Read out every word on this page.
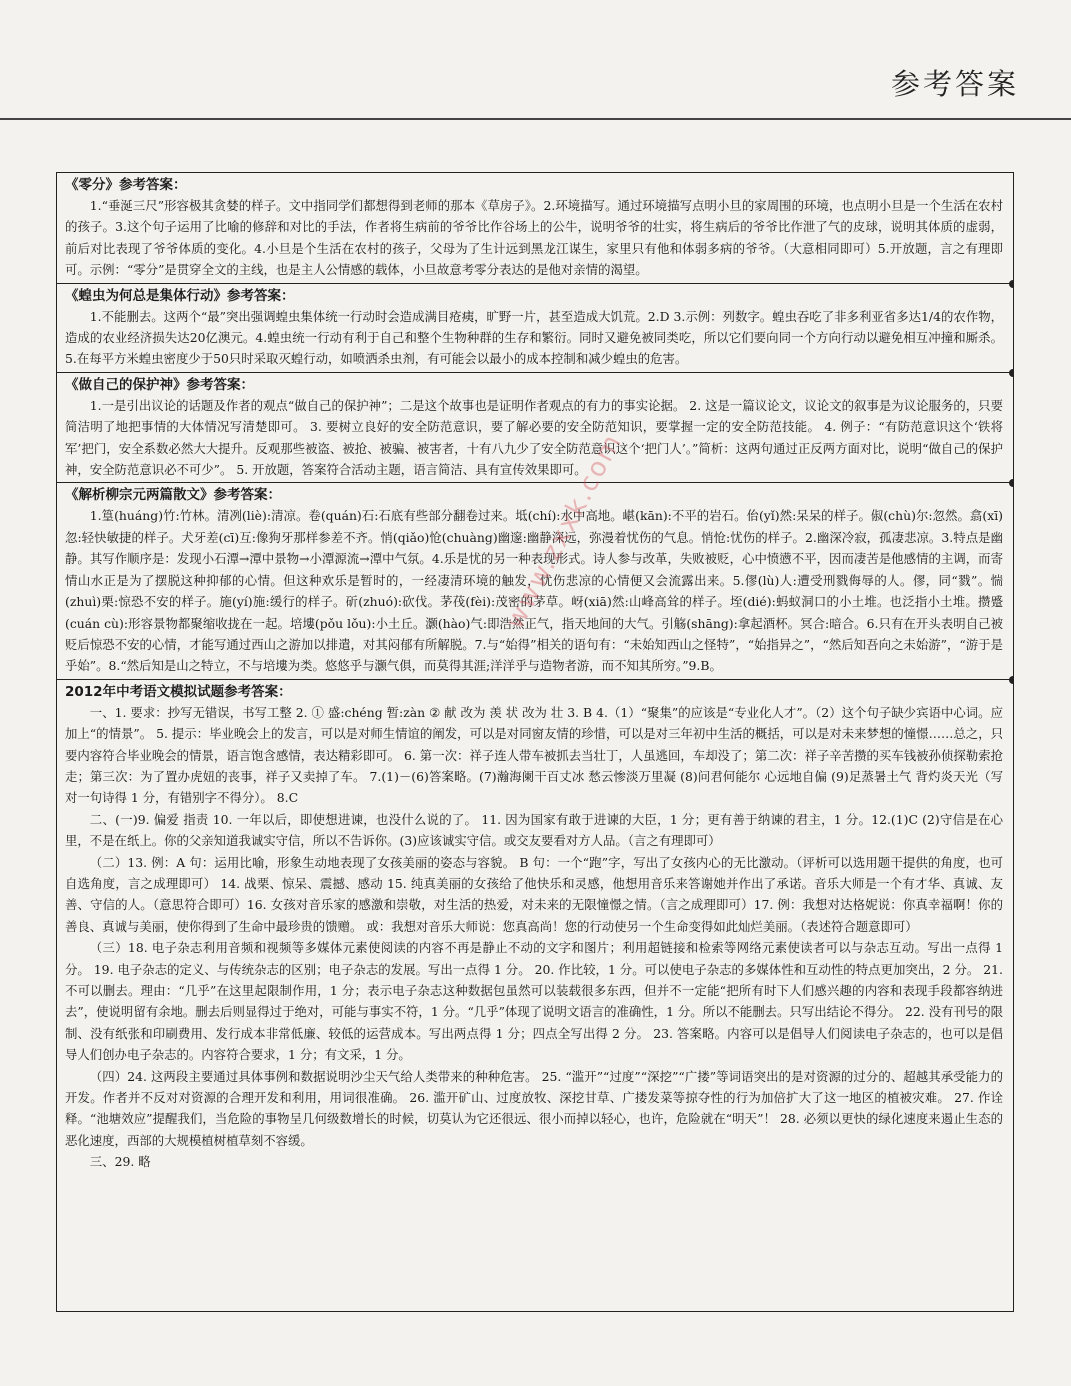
参考答案
《零分》参考答案：

1.“垂涎三尺”形容极其贪婪的样子。文中指同学们都想得到老师的那本《草房子》。2.环境描写。通过环境描写点明小旦的家周围的环境，也点明小旦是一个生活在农村的孩子。3.这个句子运用了比喻的修辞和对比的手法，作者将生病前的爷爷比作谷场上的公牛，说明爷爷的壮实，将生病后的爷爷比作泄了气的皮球，说明其体质的虚弱，前后对比表现了爷爷体质的变化。4.小旦是个生活在农村的孩子，父母为了生计远到黑龙江谋生，家里只有他和体弱多病的爷爷。（大意相同即可）5.开放题，言之有理即可。示例：“零分”是贯穿全文的主线，也是主人公情感的载体，小旦故意考零分表达的是他对亲情的渴望。

《蝗虫为何总是集体行动》参考答案：

1.不能删去。这两个“最”突出强调蝗虫集体统一行动时会造成满目疮痍，旷野一片，甚至造成大饥荒。2.D 3.示例：列数字。蝗虫吞吃了非多利亚省多达1/4的农作物，造成的农业经济损失达20亿澳元。4.蝗虫统一行动有利于自己和整个生物种群的生存和繁衍。同时又避免被同类吃，所以它们要向同一个方向行动以避免相互冲撞和厮杀。5.在每平方米蝗虫密度少于50只时采取灭蝗行动，如喷洒杀虫剂，有可能会以最小的成本控制和减少蝗虫的危害。

《做自己的保护神》参考答案：

1.一是引出议论的话题及作者的观点“做自己的保护神”；二是这个故事也是证明作者观点的有力的事实论据。 2. 这是一篇议论文，议论文的叙事是为议论服务的，只要简洁明了地把事情的大体情况写清楚即可。 3. 要树立良好的安全防范意识，要了解必要的安全防范知识，要掌握一定的安全防范技能。 4. 例子：“有防范意识这个‘铁将军’把门，安全系数必然大大提升。反观那些被盗、被抢、被骗、被害者，十有八九少了安全防范意识这个‘把门人’。”简析：这两句通过正反两方面对比，说明“做自己的保护神，安全防范意识必不可少”。 5. 开放题，答案符合活动主题，语言简洁、具有宣传效果即可。

《解析柳宗元两篇散文》参考答案：

1.篁(huáng)竹:竹林。清冽(liè):清凉。卷(quán)石:石底有些部分翻卷过来。坻(chí):水中高地。嵁(kān):不平的岩石。佁(yǐ)然:呆呆的样子。俶(chù)尔:忽然。翕(xī)忽:轻快敏捷的样子。犬牙差(cī)互:像狗牙那样参差不齐。悄(qiǎo)怆(chuàng)幽邃:幽静深远，弥漫着忧伤的气息。悄怆:忧伤的样子。2.幽深冷寂，孤凄悲凉。3.特点是幽静。其写作顺序是：发现小石潭→潭中景物→小潭源流→潭中气氛。4.乐是忧的另一种表现形式。诗人参与改革，失败被贬，心中愤懑不平，因而凄苦是他感情的主调，而寄情山水正是为了摆脱这种抑郁的心情。但这种欢乐是暂时的，一经凄清环境的触发，忧伤悲凉的心情便又会流露出来。5.僇(lù)人:遭受刑戮侮辱的人。僇，同“戮”。惴(zhuì)栗:惊恐不安的样子。施(yí)施:缓行的样子。斫(zhuó):砍伐。茅茷(fèi):茂密的茅草。岈(xiā)然:山峰高耸的样子。垤(dié):蚂蚁洞口的小土堆。也泛指小土堆。攒蹙(cuán cù):形容景物都聚缩收拢在一起。培塿(pǒu lǒu):小土丘。灏(hào)气:即浩然正气，指天地间的大气。引觞(shāng):拿起酒杯。冥合:暗合。6.只有在开头表明自己被贬后惊恐不安的心情，才能写通过西山之游加以排遣，对其闷郁有所解脱。7.与“始得”相关的语句有：“未始知西山之怪特”，“始指异之”，“然后知吾向之未始游”，“游于是乎始”。8.“然后知是山之特立，不与培塿为类。悠悠乎与灏气俱，而莫得其涯;洋洋乎与造物者游，而不知其所穷。”9.B。

2012年中考语文模拟试题参考答案：

一、1. 要求：抄写无错误，书写工整 2. ① 盛:chéng 暂:zàn ② 献 改为 羡 状 改为 壮 3. B 4.（1）“聚集”的应该是“专业化人才”。（2）这个句子缺少宾语中心词。应加上“的情景”。 5. 提示：毕业晚会上的发言，可以是对师生情谊的阐发，可以是对同窗友情的珍惜，可以是对三年初中生活的概括，可以是对未来梦想的憧憬……总之，只要内容符合毕业晚会的情景，语言饱含感情，表达精彩即可。 6. 第一次：祥子连人带车被抓去当壮丁，人虽逃回，车却没了；第二次：祥子辛苦攒的买车钱被孙侦探勒索抢走；第三次：为了置办虎妞的丧事，祥子又卖掉了车。 7.(1)－(6)答案略。(7)瀚海阑干百丈冰 愁云惨淡万里凝 (8)问君何能尔 心远地自偏 (9)足蒸暑土气 背灼炎天光（写对一句诗得 1 分，有错别字不得分）。 8.C

二、(一)9. 偏爱 指责 10. 一年以后，即使想进谏，也没什么说的了。 11. 因为国家有敢于进谏的大臣，1 分；更有善于纳谏的君主，1 分。12.(1)C (2)守信是在心里，不是在纸上。你的父亲知道我诚实守信，所以不告诉你。(3)应该诚实守信。或交友要看对方人品。（言之有理即可）

（二）13. 例：A 句：运用比喻，形象生动地表现了女孩美丽的姿态与容貌。 B 句：一个“跑”字，写出了女孩内心的无比激动。（评析可以选用题干提供的角度，也可自选角度，言之成理即可） 14. 战栗、惊呆、震撼、感动 15. 纯真美丽的女孩给了他快乐和灵感，他想用音乐来答谢她并作出了承诺。音乐大师是一个有才华、真诚、友善、守信的人。（意思符合即可）16. 女孩对音乐家的感激和崇敬，对生活的热爱，对未来的无限憧憬之情。（言之成理即可）17. 例：我想对达格妮说：你真幸福啊！你的善良、真诚与美丽，使你得到了生命中最珍贵的馈赠。 或：我想对音乐大师说：您真高尚！您的行动使另一个生命变得如此灿烂美丽。（表述符合题意即可）

（三）18. 电子杂志利用音频和视频等多媒体元素使阅读的内容不再是静止不动的文字和图片；利用超链接和检索等网络元素使读者可以与杂志互动。写出一点得 1 分。 19. 电子杂志的定义、与传统杂志的区别；电子杂志的发展。写出一点得 1 分。 20. 作比较，1 分。可以使电子杂志的多媒体性和互动性的特点更加突出，2 分。 21. 不可以删去。理由：“几乎”在这里起限制作用，1 分；表示电子杂志这种数据包虽然可以装载很多东西，但并不一定能“把所有时下人们感兴趣的内容和表现手段都容纳进去”，使说明留有余地。删去后则显得过于绝对，可能与事实不符，1 分。“几乎”体现了说明文语言的准确性，1 分。所以不能删去。只写出结论不得分。 22. 没有刊号的限制、没有纸张和印刷费用、发行成本非常低廉、较低的运营成本。写出两点得 1 分；四点全写出得 2 分。 23. 答案略。内容可以是倡导人们阅读电子杂志的，也可以是倡导人们创办电子杂志的。内容符合要求，1 分；有文采，1 分。

（四）24. 这两段主要通过具体事例和数据说明沙尘天气给人类带来的种种危害。 25. “滥开”“过度”“深挖”“广搂”等词语突出的是对资源的过分的、超越其承受能力的开发。作者并不反对对资源的合理开发和利用，用词很准确。 26. 滥开矿山、过度放牧、深挖甘草、广搂发菜等掠夺性的行为加倍扩大了这一地区的植被灾难。 27. 作诠释。“池塘效应”提醒我们，当危险的事物呈几何级数增长的时候，切莫认为它还很远、很小而掉以轻心，也许，危险就在“明天”！ 28. 必须以更快的绿化速度来遏止生态的恶化速度，西部的大规模植树植草刻不容缓。

三、29. 略

www.zxxk.com
